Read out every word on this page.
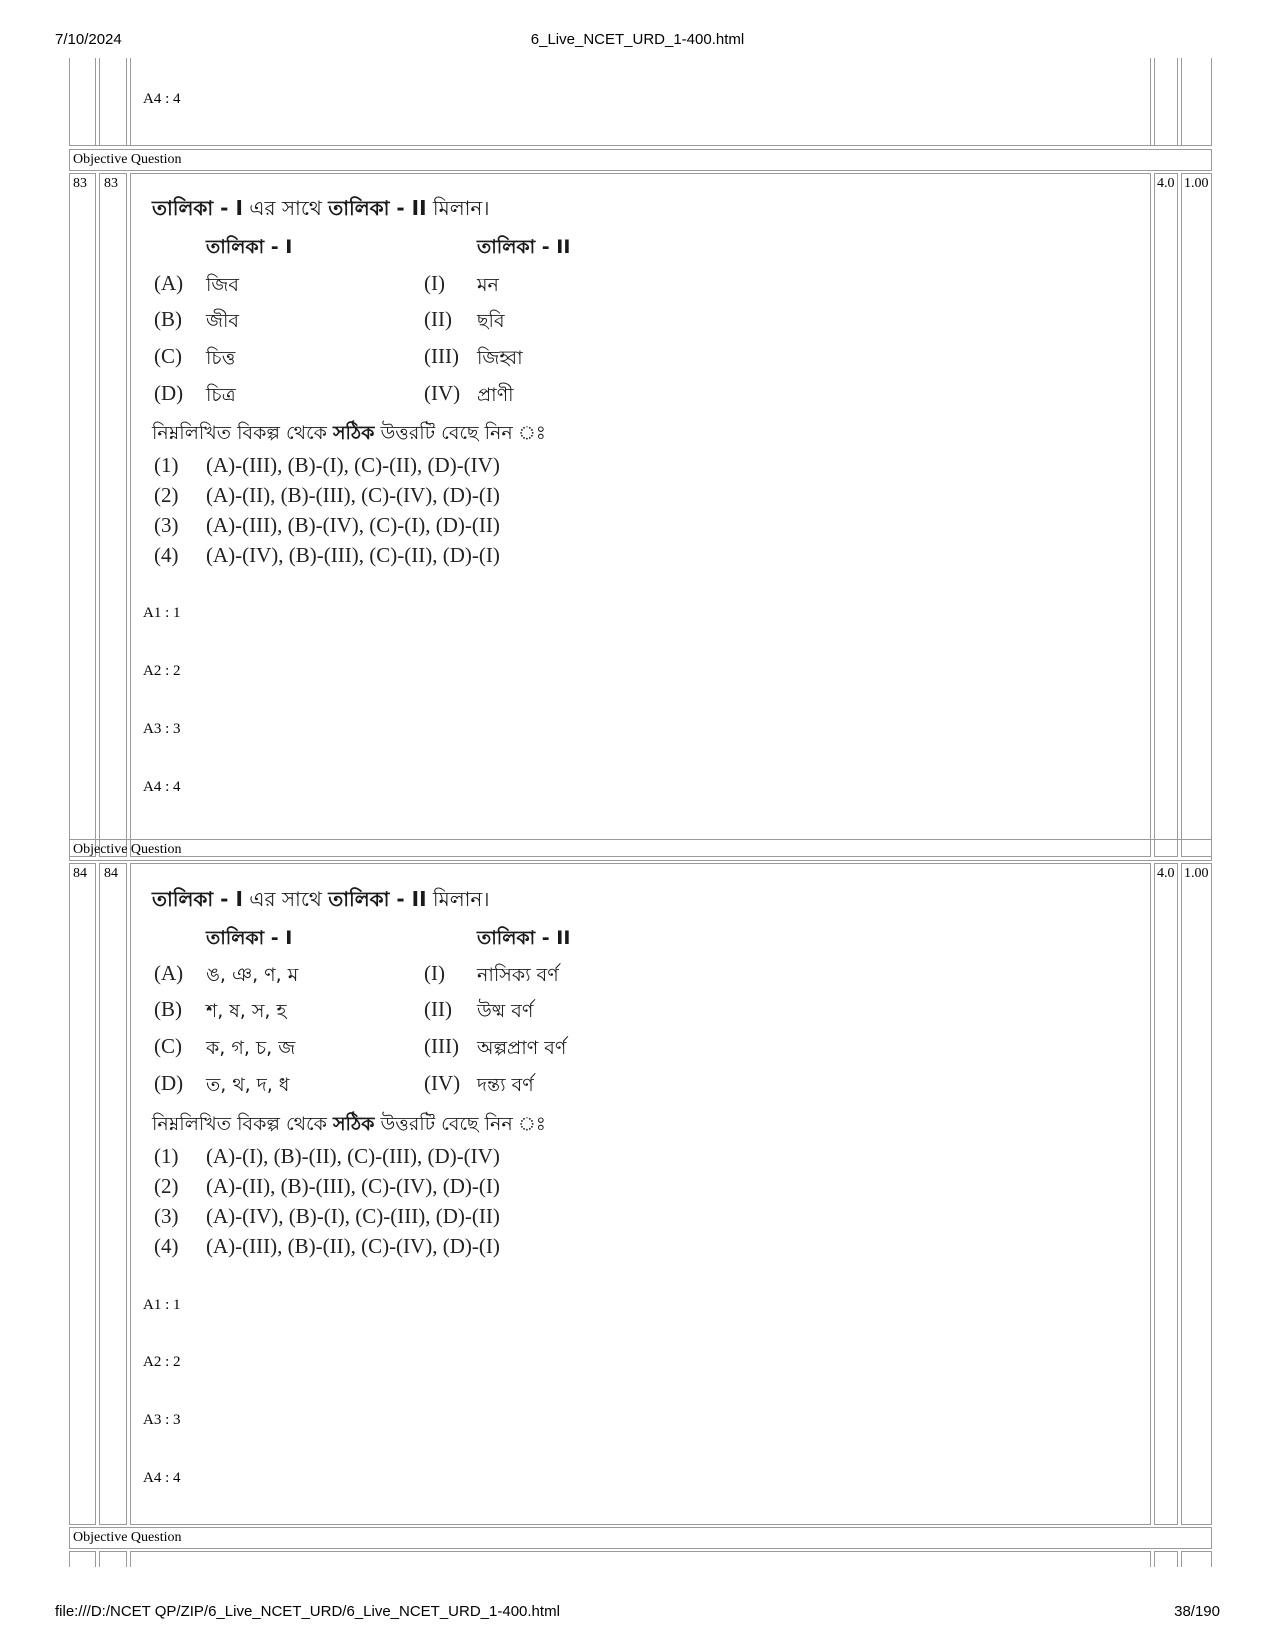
7/10/2024	6_Live_NCET_URD_1-400.html
A4 : 4
Objective Question
83 83	4.0 1.00
তালিকা - I এর সাথে তালিকা - II মিলান।
তালিকা - I	তালিকা - II
(A) জিব	(I) মন
(B) জীব	(II) ছবি
(C) চিত্ত	(III) জিহ্বা
(D) চিত্র	(IV) প্রাণী
নিম্নলিখিত বিকল্প থেকে সঠিক উত্তরটি বেছে নিন ঃ
(1) (A)-(III), (B)-(I), (C)-(II), (D)-(IV)
(2) (A)-(II), (B)-(III), (C)-(IV), (D)-(I)
(3) (A)-(III), (B)-(IV), (C)-(I), (D)-(II)
(4) (A)-(IV), (B)-(III), (C)-(II), (D)-(I)
A1 : 1
A2 : 2
A3 : 3
A4 : 4
Objective Question
84 84	4.0 1.00
তালিকা - I এর সাথে তালিকা - II মিলান।
তালিকা - I	তালিকা - II
(A) ঙ, ঞ, ণ, ম	(I) নাসিক্য বর্ণ
(B) শ, ষ, স, হ	(II) উষ্ম বর্ণ
(C) ক, গ, চ, জ	(III) অল্পপ্রাণ বর্ণ
(D) ত, থ, দ, ধ	(IV) দন্ত্য বর্ণ
নিম্নলিখিত বিকল্প থেকে সঠিক উত্তরটি বেছে নিন ঃ
(1) (A)-(I), (B)-(II), (C)-(III), (D)-(IV)
(2) (A)-(II), (B)-(III), (C)-(IV), (D)-(I)
(3) (A)-(IV), (B)-(I), (C)-(III), (D)-(II)
(4) (A)-(III), (B)-(II), (C)-(IV), (D)-(I)
A1 : 1
A2 : 2
A3 : 3
A4 : 4
Objective Question
file:///D:/NCET QP/ZIP/6_Live_NCET_URD/6_Live_NCET_URD_1-400.html	38/190
